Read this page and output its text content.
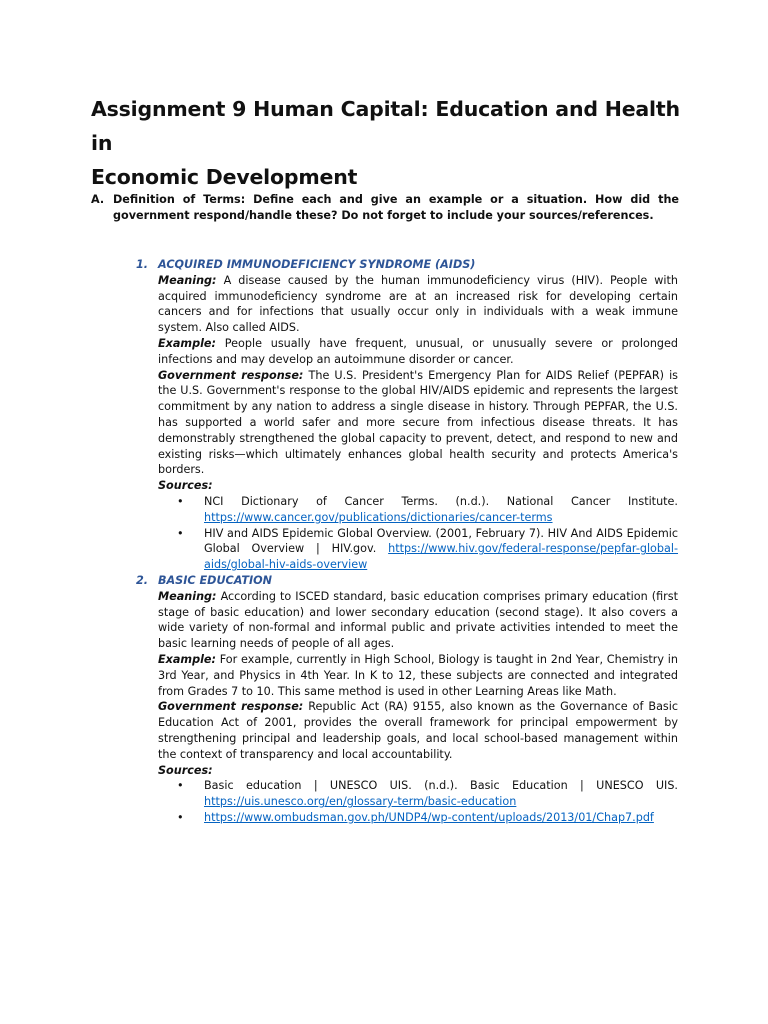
Assignment 9 Human Capital: Education and Health in
Economic Development
A. Definition of Terms: Define each and give an example or a situation. How did the government respond/handle these? Do not forget to include your sources/references.
1. ACQUIRED IMMUNODEFICIENCY SYNDROME (AIDS)

Meaning: A disease caused by the human immunodeficiency virus (HIV). People with acquired immunodeficiency syndrome are at an increased risk for developing certain cancers and for infections that usually occur only in individuals with a weak immune system. Also called AIDS.

Example: People usually have frequent, unusual, or unusually severe or prolonged infections and may develop an autoimmune disorder or cancer.

Government response: The U.S. President's Emergency Plan for AIDS Relief (PEPFAR) is the U.S. Government's response to the global HIV/AIDS epidemic and represents the largest commitment by any nation to address a single disease in history. Through PEPFAR, the U.S. has supported a world safer and more secure from infectious disease threats. It has demonstrably strengthened the global capacity to prevent, detect, and respond to new and existing risks—which ultimately enhances global health security and protects America's borders.

Sources:

• NCI Dictionary of Cancer Terms. (n.d.). National Cancer Institute. https://www.cancer.gov/publications/dictionaries/cancer-terms
• HIV and AIDS Epidemic Global Overview. (2001, February 7). HIV And AIDS Epidemic Global Overview | HIV.gov. https://www.hiv.gov/federal-response/pepfar-global-aids/global-hiv-aids-overview
2. BASIC EDUCATION

Meaning: According to ISCED standard, basic education comprises primary education (first stage of basic education) and lower secondary education (second stage). It also covers a wide variety of non-formal and informal public and private activities intended to meet the basic learning needs of people of all ages.

Example: For example, currently in High School, Biology is taught in 2nd Year, Chemistry in 3rd Year, and Physics in 4th Year. In K to 12, these subjects are connected and integrated from Grades 7 to 10. This same method is used in other Learning Areas like Math.

Government response: Republic Act (RA) 9155, also known as the Governance of Basic Education Act of 2001, provides the overall framework for principal empowerment by strengthening principal and leadership goals, and local school-based management within the context of transparency and local accountability.

Sources:

• Basic education | UNESCO UIS. (n.d.). Basic Education | UNESCO UIS. https://uis.unesco.org/en/glossary-term/basic-education
• https://www.ombudsman.gov.ph/UNDP4/wp-content/uploads/2013/01/Chap7.pdf
